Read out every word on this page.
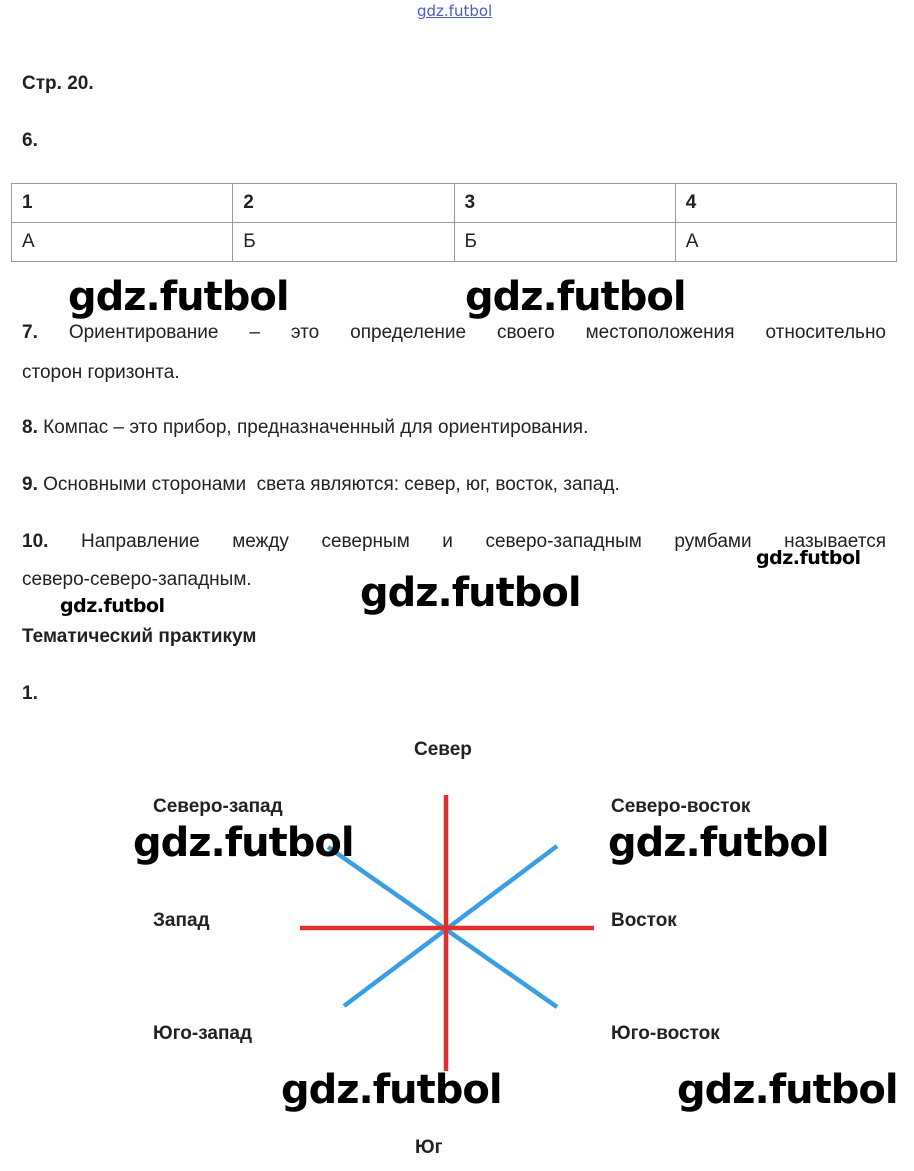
gdz.futbol
Стр. 20.
6.
1	2	3	4
А	Б	Б	А
gdz.futbol	gdz.futbol
7. Ориентирование – это определение своего местоположения относительно
сторон горизонта.
8. Компас – это прибор, предназначенный для ориентирования.
9. Основными сторонами  света являются: север, юг, восток, запад.
10. Направление между северным и северо-западным румбами называется
северо-северо-западным.
gdz.futbol
gdz.futbol	gdz.futbol
Тематический практикум
1.
Север
Северо-запад	Северо-восток
Запад	Восток
Юго-запад	Юго-восток
Юг
gdz.futbol	gdz.futbol
gdz.futbol	gdz.futbol
